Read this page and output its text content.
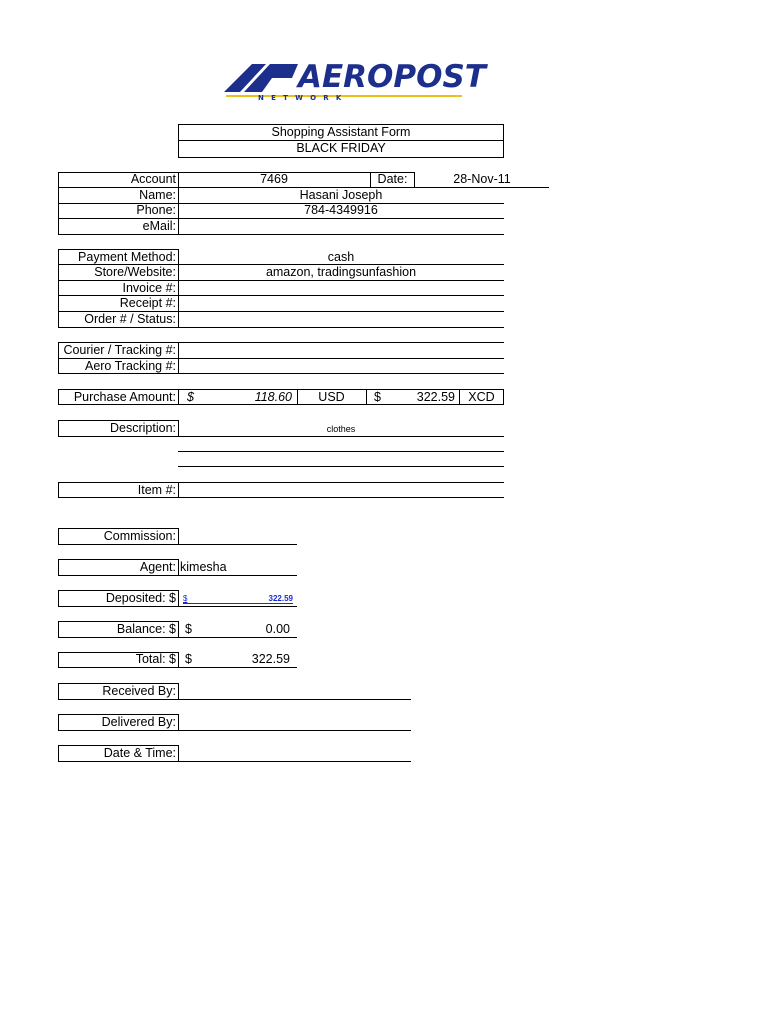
AEROPOST
N E T W O R K
Shopping Assistant Form
BLACK FRIDAY
Account	7469	Date:	28-Nov-11
Name:	Hasani Joseph
Phone:	784-4349916
eMail:
Payment Method:	cash
Store/Website:	amazon, tradingsunfashion
Invoice #:
Receipt #:
Order # / Status:
Courier / Tracking #:
Aero Tracking #:
Purchase Amount: $	118.60	USD	$	322.59	XCD
Description:	clothes
Item #:
Commission:
Agent: kimesha
Deposited: $ $	322.59
Balance: $ $	0.00
Total: $ $	322.59
Received By:
Delivered By:
Date & Time:
